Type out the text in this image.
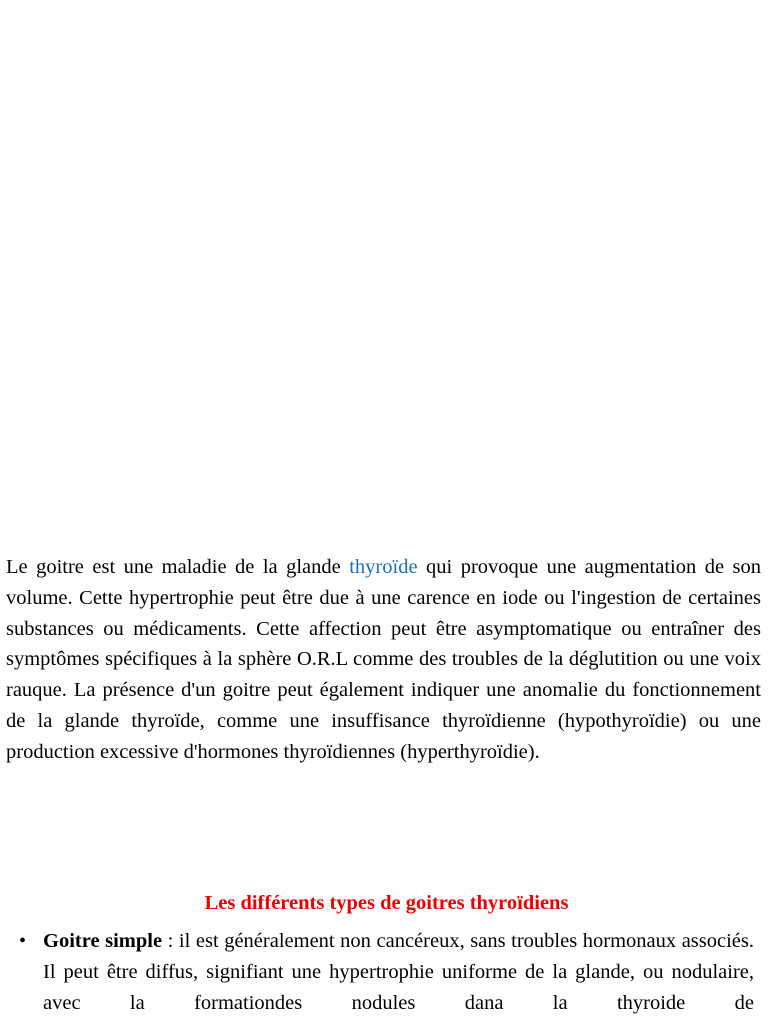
Le goitre est une maladie de la glande thyroïde qui provoque une augmentation de son volume. Cette hypertrophie peut être due à une carence en iode ou l'ingestion de certaines substances ou médicaments. Cette affection peut être asymptomatique ou entraîner des symptômes spécifiques à la sphère O.R.L comme des troubles de la déglutition ou une voix rauque. La présence d'un goitre peut également indiquer une anomalie du fonctionnement de la glande thyroïde, comme une insuffisance thyroïdienne (hypothyroïdie) ou une production excessive d'hormones thyroïdiennes (hyperthyroïdie).

Les différents types de goitres thyroïdiens
• Goitre simple : il est généralement non cancéreux, sans troubles hormonaux associés. Il peut être diffus, signifiant une hypertrophie uniforme de la glande, ou nodulaire, avec la formationdes nodules dana la thyroide de
